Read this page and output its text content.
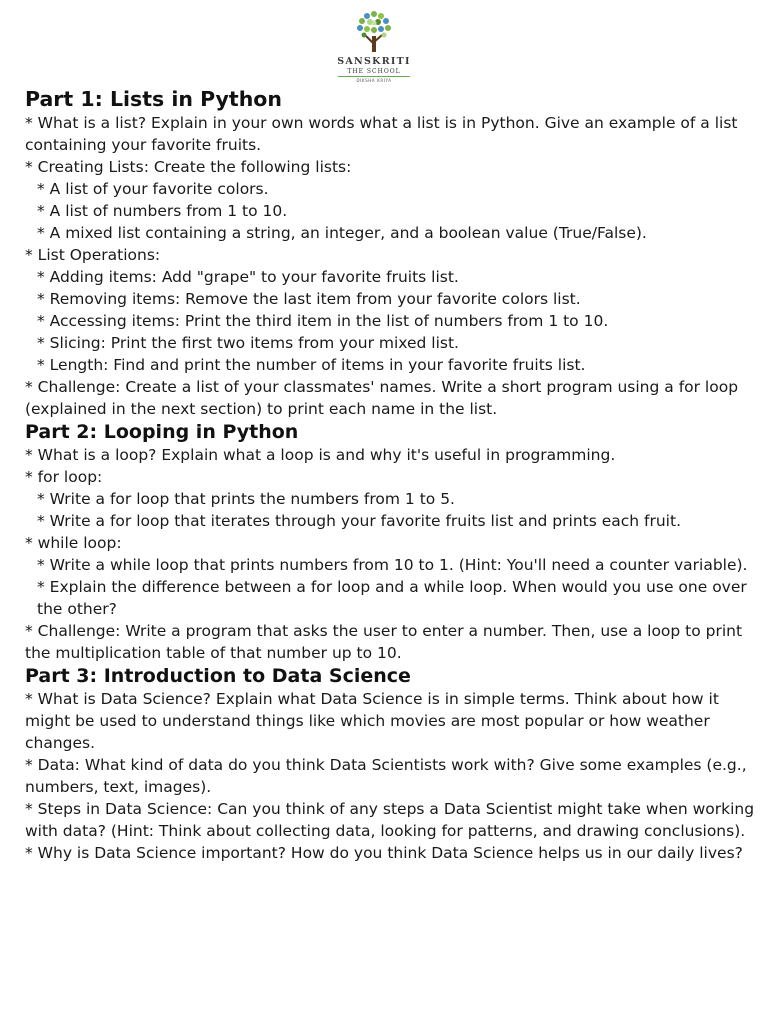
SANSKRITI
THE SCHOOL
DIKSHA KRIYA

Part 1: Lists in Python

* What is a list? Explain in your own words what a list is in Python. Give an example of a list containing your favorite fruits.

* Creating Lists: Create the following lists:

* A list of your favorite colors.

* A list of numbers from 1 to 10.

* A mixed list containing a string, an integer, and a boolean value (True/False).

* List Operations:

* Adding items: Add "grape" to your favorite fruits list.

* Removing items: Remove the last item from your favorite colors list.

* Accessing items: Print the third item in the list of numbers from 1 to 10.

* Slicing: Print the first two items from your mixed list.

* Length: Find and print the number of items in your favorite fruits list.

* Challenge: Create a list of your classmates' names. Write a short program using a for loop (explained in the next section) to print each name in the list.

Part 2: Looping in Python

* What is a loop? Explain what a loop is and why it's useful in programming.

* for loop:

* Write a for loop that prints the numbers from 1 to 5.

* Write a for loop that iterates through your favorite fruits list and prints each fruit.

* while loop:

* Write a while loop that prints numbers from 10 to 1. (Hint: You'll need a counter variable).

* Explain the difference between a for loop and a while loop. When would you use one over the other?

* Challenge: Write a program that asks the user to enter a number. Then, use a loop to print the multiplication table of that number up to 10.

Part 3: Introduction to Data Science

* What is Data Science? Explain what Data Science is in simple terms. Think about how it might be used to understand things like which movies are most popular or how weather changes.

* Data: What kind of data do you think Data Scientists work with? Give some examples (e.g., numbers, text, images).

* Steps in Data Science: Can you think of any steps a Data Scientist might take when working with data? (Hint: Think about collecting data, looking for patterns, and drawing conclusions).

* Why is Data Science important? How do you think Data Science helps us in our daily lives?
